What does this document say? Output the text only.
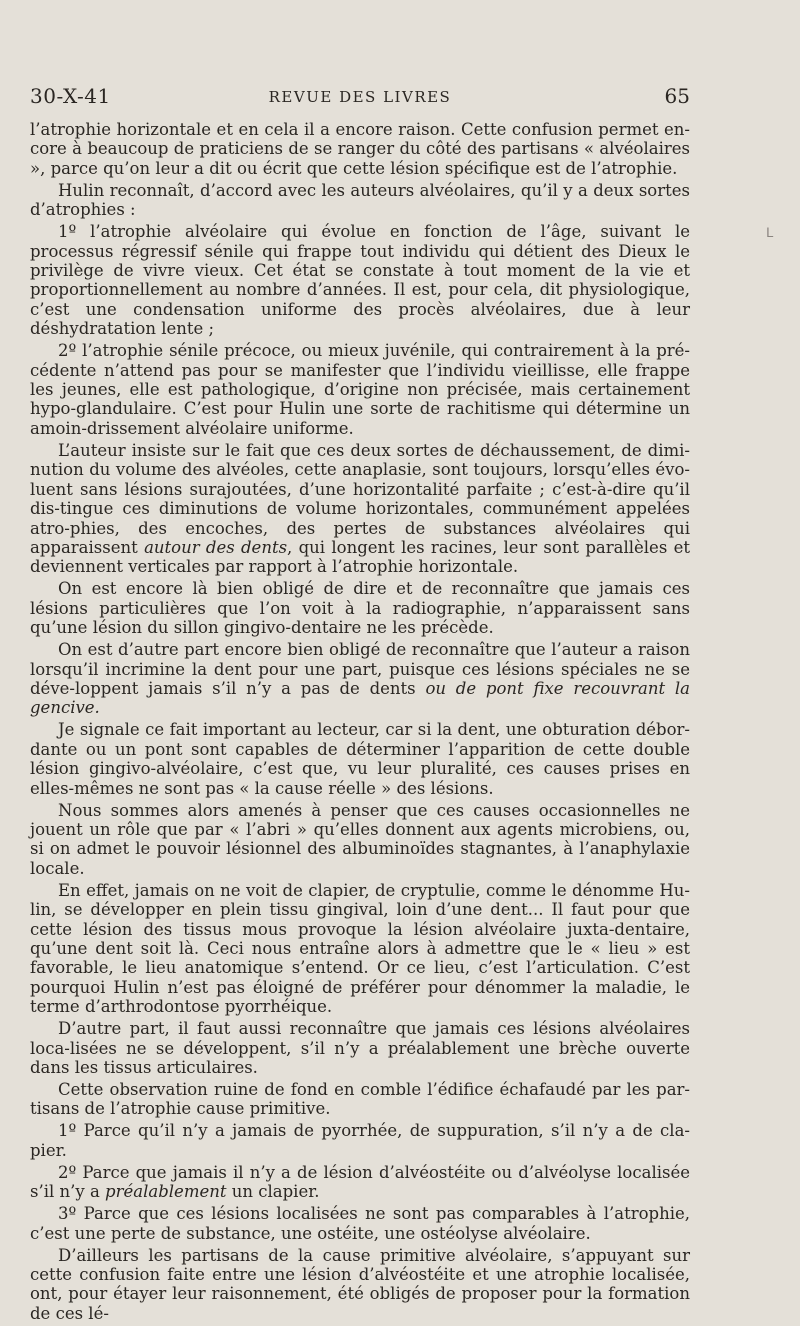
30-X-41	REVUE DES LIVRES	65

l’atrophie horizontale et en cela il a encore raison. Cette confusion permet en-core à beaucoup de praticiens de se ranger du côté des partisans « alvéolaires », parce qu’on leur a dit ou écrit que cette lésion spécifique est de l’atrophie.

Hulin reconnaît, d’accord avec les auteurs alvéolaires, qu’il y a deux sortes d’atrophies :

1º l’atrophie alvéolaire qui évolue en fonction de l’âge, suivant le processus régressif sénile qui frappe tout individu qui détient des Dieux le privilège de vivre vieux. Cet état se constate à tout moment de la vie et proportionnellement au nombre d’années. Il est, pour cela, dit physiologique, c’est une condensation uniforme des procès alvéolaires, due à leur déshydratation lente ;

2º l’atrophie sénile précoce, ou mieux juvénile, qui contrairement à la pré-cédente n’attend pas pour se manifester que l’individu vieillisse, elle frappe les jeunes, elle est pathologique, d’origine non précisée, mais certainement hypo-glandulaire. C’est pour Hulin une sorte de rachitisme qui détermine un amoin-drissement alvéolaire uniforme.

L’auteur insiste sur le fait que ces deux sortes de déchaussement, de dimi-nution du volume des alvéoles, cette anaplasie, sont toujours, lorsqu’elles évo-luent sans lésions surajoutées, d’une horizontalité parfaite ; c’est-à-dire qu’il dis-tingue ces diminutions de volume horizontales, communément appelées atro-phies, des encoches, des pertes de substances alvéolaires qui apparaissent autour des dents, qui longent les racines, leur sont parallèles et deviennent verticales par rapport à l’atrophie horizontale.

On est encore là bien obligé de dire et de reconnaître que jamais ces lésions particulières que l’on voit à la radiographie, n’apparaissent sans qu’une lésion du sillon gingivo-dentaire ne les précède.

On est d’autre part encore bien obligé de reconnaître que l’auteur a raison lorsqu’il incrimine la dent pour une part, puisque ces lésions spéciales ne se déve-loppent jamais s’il n’y a pas de dents ou de pont fixe recouvrant la gencive.

Je signale ce fait important au lecteur, car si la dent, une obturation débor-dante ou un pont sont capables de déterminer l’apparition de cette double lésion gingivo-alvéolaire, c’est que, vu leur pluralité, ces causes prises en elles-mêmes ne sont pas « la cause réelle » des lésions.

Nous sommes alors amenés à penser que ces causes occasionnelles ne jouent un rôle que par « l’abri » qu’elles donnent aux agents microbiens, ou, si on admet le pouvoir lésionnel des albuminoïdes stagnantes, à l’anaphylaxie locale.

En effet, jamais on ne voit de clapier, de cryptulie, comme le dénomme Hu-lin, se développer en plein tissu gingival, loin d’une dent... Il faut pour que cette lésion des tissus mous provoque la lésion alvéolaire juxta-dentaire, qu’une dent soit là. Ceci nous entraîne alors à admettre que le « lieu » est favorable, le lieu anatomique s’entend. Or ce lieu, c’est l’articulation. C’est pourquoi Hulin n’est pas éloigné de préférer pour dénommer la maladie, le terme d’arthrodontose pyorrhéique.

D’autre part, il faut aussi reconnaître que jamais ces lésions alvéolaires loca-lisées ne se développent, s’il n’y a préalablement une brèche ouverte dans les tissus articulaires.

Cette observation ruine de fond en comble l’édifice échafaudé par les par-tisans de l’atrophie cause primitive.

1º Parce qu’il n’y a jamais de pyorrhée, de suppuration, s’il n’y a de cla-pier.

2º Parce que jamais il n’y a de lésion d’alvéostéite ou d’alvéolyse localisée s’il n’y a préalablement un clapier.

3º Parce que ces lésions localisées ne sont pas comparables à l’atrophie, c’est une perte de substance, une ostéite, une ostéolyse alvéolaire.

D’ailleurs les partisans de la cause primitive alvéolaire, s’appuyant sur cette confusion faite entre une lésion d’alvéostéite et une atrophie localisée, ont, pour étayer leur raisonnement, été obligés de proposer pour la formation de ces lé-

ᒪ
